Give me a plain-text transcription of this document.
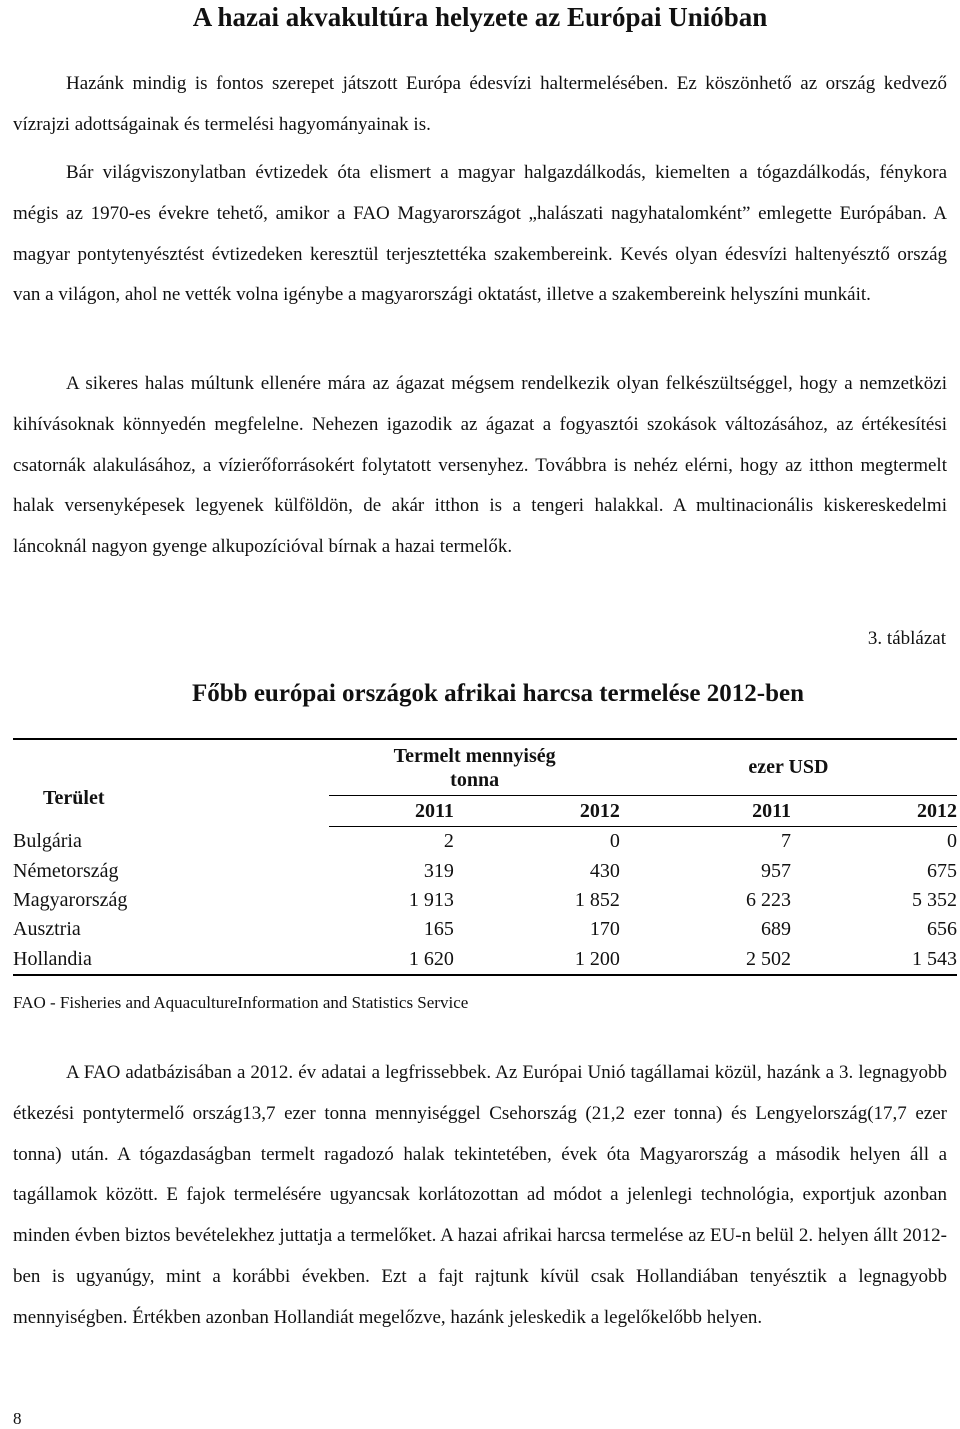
A hazai akvakultúra helyzete az Európai Unióban

Hazánk mindig is fontos szerepet játszott Európa édesvízi haltermelésében. Ez köszönhető az ország kedvező vízrajzi adottságainak és termelési hagyományainak is.

Bár világviszonylatban évtizedek óta elismert a magyar halgazdálkodás, kiemelten a tógazdálkodás, fénykora mégis az 1970-es évekre tehető, amikor a FAO Magyarországot „halászati nagyhatalomként” emlegette Európában. A magyar pontytenyésztést évtizedeken keresztül terjesztettéka szakembereink. Kevés olyan édesvízi haltenyésztő ország van a világon, ahol ne vették volna igénybe a magyarországi oktatást, illetve a szakembereink helyszíni munkáit.

A sikeres halas múltunk ellenére mára az ágazat mégsem rendelkezik olyan felkészültséggel, hogy a nemzetközi kihívásoknak könnyedén megfelelne. Nehezen igazodik az ágazat a fogyasztói szokások változásához, az értékesítési csatornák alakulásához, a vízierőforrásokért folytatott versenyhez. Továbbra is nehéz elérni, hogy az itthon megtermelt halak versenyképesek legyenek külföldön, de akár itthon is a tengeri halakkal. A multinacionális kiskereskedelmi láncoknál nagyon gyenge alkupozícióval bírnak a hazai termelők.

3. táblázat
Főbb európai országok afrikai harcsa termelése 2012-ben
Terület	Termelt mennyiség
tonna		ezer USD	
	2011	2012	2011	2012
Bulgária	2	0	7	0
Németország	319	430	957	675
Magyarország	1 913	1 852	6 223	5 352
Ausztria	165	170	689	656
Hollandia	1 620	1 200	2 502	1 543
FAO - Fisheries and AquacultureInformation and Statistics Service

A FAO adatbázisában a 2012. év adatai a legfrissebbek. Az Európai Unió tagállamai közül, hazánk a 3. legnagyobb étkezési pontytermelő ország13,7 ezer tonna mennyiséggel Csehország (21,2 ezer tonna) és Lengyelország(17,7 ezer tonna) után. A tógazdaságban termelt ragadozó halak tekintetében, évek óta Magyarország a második helyen áll a tagállamok között. E fajok termelésére ugyancsak korlátozottan ad módot a jelenlegi technológia, exportjuk azonban minden évben biztos bevételekhez juttatja a termelőket. A hazai afrikai harcsa termelése az EU-n belül 2. helyen állt 2012-ben is ugyanúgy, mint a korábbi években. Ezt a fajt rajtunk kívül csak Hollandiában tenyésztik a legnagyobb mennyiségben. Értékben azonban Hollandiát megelőzve, hazánk jeleskedik a legelőkelőbb helyen.

8
